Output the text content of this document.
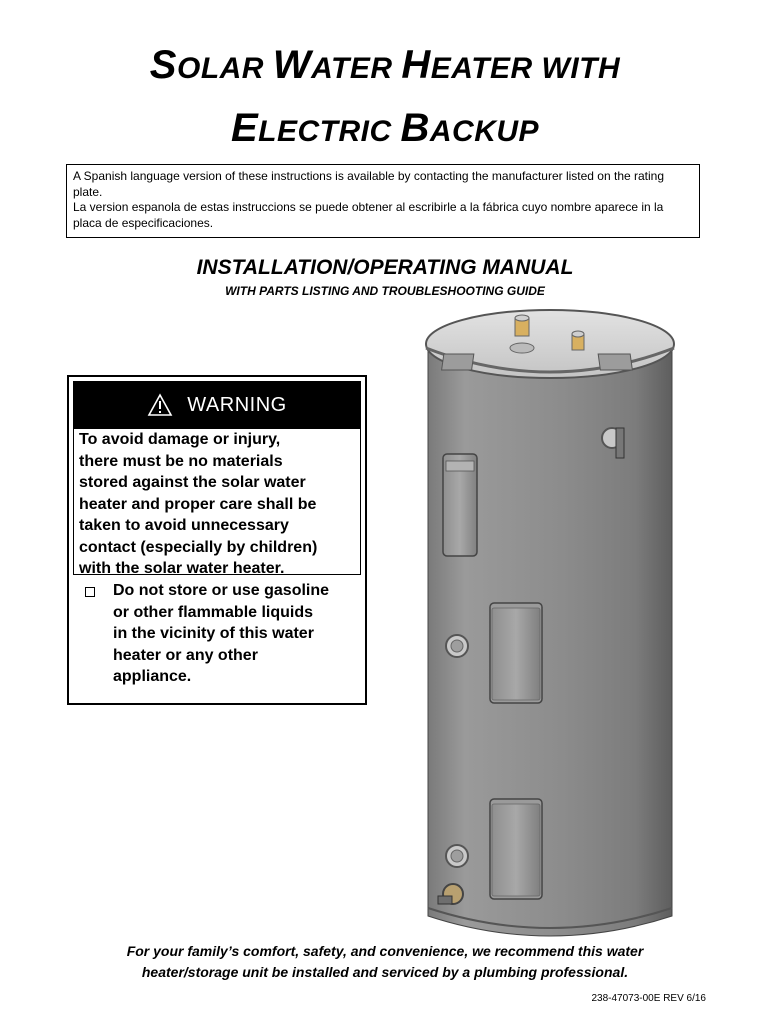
SOLAR WATER HEATER WITH
ELECTRIC BACKUP
A Spanish language version of these instructions is available by contacting the manufacturer listed on the rating
plate.
La version espanola de estas instruccions se puede obtener al escribirle a la fábrica cuyo nombre aparece in la
placa de especificaciones.
INSTALLATION/OPERATING MANUAL
WITH PARTS LISTING AND TROUBLESHOOTING GUIDE
WARNING
To avoid damage or injury,
there must be no materials
stored against the solar water
heater and proper care shall be
taken to avoid unnecessary
contact (especially by children)
with the solar water heater.
Do not store or use gasoline
or other flammable liquids
in the vicinity of this water
heater or any other
appliance.
For your family’s comfort, safety, and convenience, we recommend this water
heater/storage unit be installed and serviced by a plumbing professional.
238-47073-00E REV 6/16
